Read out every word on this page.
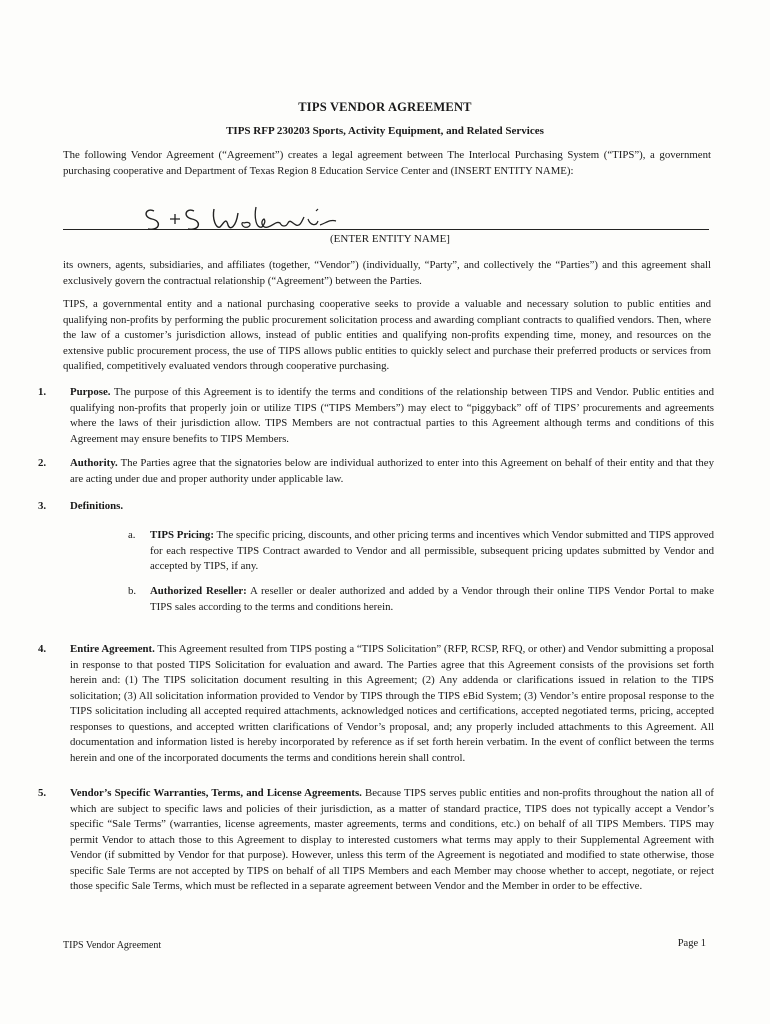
TIPS VENDOR AGREEMENT
TIPS RFP 230203 Sports, Activity Equipment, and Related Services

The following Vendor Agreement (“Agreement”) creates a legal agreement between The Interlocal Purchasing System (“TIPS”), a government purchasing cooperative and Department of Texas Region 8 Education Service Center and (INSERT ENTITY NAME):

(ENTER ENTITY NAME]

its owners, agents, subsidiaries, and affiliates (together, “Vendor”) (individually, “Party”, and collectively the “Parties”) and this agreement shall exclusively govern the contractual relationship (“Agreement”) between the Parties.

TIPS, a governmental entity and a national purchasing cooperative seeks to provide a valuable and necessary solution to public entities and qualifying non-profits by performing the public procurement solicitation process and awarding compliant contracts to qualified vendors. Then, where the law of a customer’s jurisdiction allows, instead of public entities and qualifying non-profits expending time, money, and resources on the extensive public procurement process, the use of TIPS allows public entities to quickly select and purchase their preferred products or services from qualified, competitively evaluated vendors through cooperative purchasing.

1. Purpose. The purpose of this Agreement is to identify the terms and conditions of the relationship between TIPS and Vendor. Public entities and qualifying non-profits that properly join or utilize TIPS (“TIPS Members”) may elect to “piggyback” off of TIPS’ procurements and agreements where the laws of their jurisdiction allow. TIPS Members are not contractual parties to this Agreement although terms and conditions of this Agreement may ensure benefits to TIPS Members.
2. Authority. The Parties agree that the signatories below are individual authorized to enter into this Agreement on behalf of their entity and that they are acting under due and proper authority under applicable law.
3. Definitions.
a. TIPS Pricing: The specific pricing, discounts, and other pricing terms and incentives which Vendor submitted and TIPS approved for each respective TIPS Contract awarded to Vendor and all permissible, subsequent pricing updates submitted by Vendor and accepted by TIPS, if any.
b. Authorized Reseller: A reseller or dealer authorized and added by a Vendor through their online TIPS Vendor Portal to make TIPS sales according to the terms and conditions herein.
4. Entire Agreement. This Agreement resulted from TIPS posting a “TIPS Solicitation” (RFP, RCSP, RFQ, or other) and Vendor submitting a proposal in response to that posted TIPS Solicitation for evaluation and award. The Parties agree that this Agreement consists of the provisions set forth herein and: (1) The TIPS solicitation document resulting in this Agreement; (2) Any addenda or clarifications issued in relation to the TIPS solicitation; (3) All solicitation information provided to Vendor by TIPS through the TIPS eBid System; (3) Vendor’s entire proposal response to the TIPS solicitation including all accepted required attachments, acknowledged notices and certifications, accepted negotiated terms, pricing, accepted responses to questions, and accepted written clarifications of Vendor’s proposal, and; any properly included attachments to this Agreement. All documentation and information listed is hereby incorporated by reference as if set forth herein verbatim. In the event of conflict between the terms herein and one of the incorporated documents the terms and conditions herein shall control.
5. Vendor’s Specific Warranties, Terms, and License Agreements. Because TIPS serves public entities and non-profits throughout the nation all of which are subject to specific laws and policies of their jurisdiction, as a matter of standard practice, TIPS does not typically accept a Vendor’s specific “Sale Terms” (warranties, license agreements, master agreements, terms and conditions, etc.) on behalf of all TIPS Members. TIPS may permit Vendor to attach those to this Agreement to display to interested customers what terms may apply to their Supplemental Agreement with Vendor (if submitted by Vendor for that purpose). However, unless this term of the Agreement is negotiated and modified to state otherwise, those specific Sale Terms are not accepted by TIPS on behalf of all TIPS Members and each Member may choose whether to accept, negotiate, or reject those specific Sale Terms, which must be reflected in a separate agreement between Vendor and the Member in order to be effective.
TIPS Vendor Agreement	Page 1
